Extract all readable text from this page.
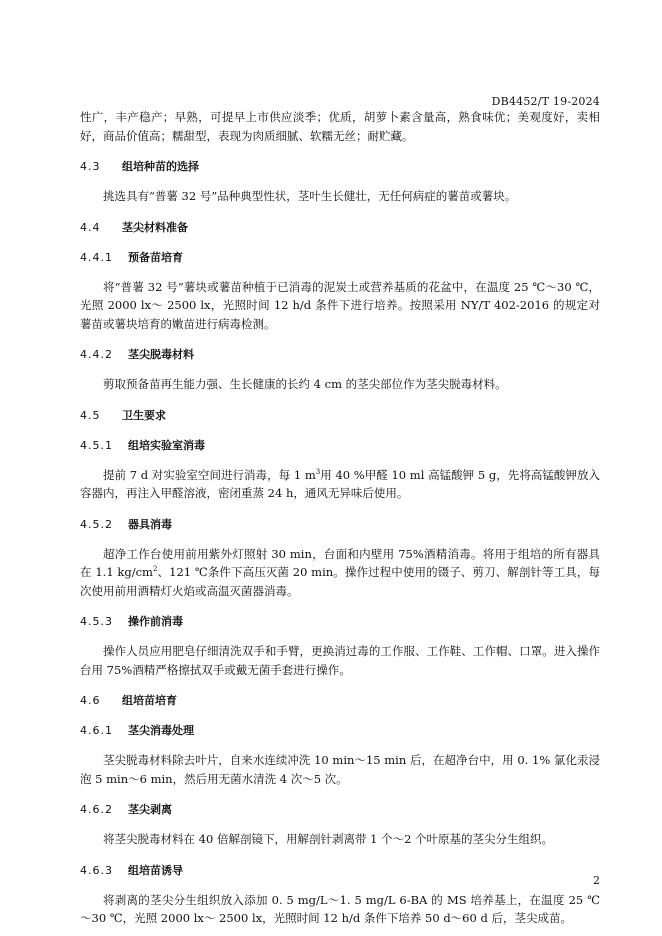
DB4452/T 19-2024

性广，丰产稳产；早熟，可提早上市供应淡季；优质，胡萝卜素含量高，熟食味优；美观度好，卖相好，商品价值高；糯甜型，表现为肉质细腻、软糯无丝；耐贮藏。

4.3 组培种苗的选择

挑选具有“普薯 32 号”品种典型性状，茎叶生长健壮，无任何病症的薯苗或薯块。

4.4 茎尖材料准备

4.4.1 预备苗培育

将“普薯 32 号”薯块或薯苗种植于已消毒的泥炭土或营养基质的花盆中，在温度 25 ℃～30 ℃，光照 2000 lx～ 2500 lx，光照时间 12 h/d 条件下进行培养。按照采用 NY/T 402-2016 的规定对薯苗或薯块培育的嫩苗进行病毒检测。

4.4.2 茎尖脱毒材料

剪取预备苗再生能力强、生长健康的长约 4 cm 的茎尖部位作为茎尖脱毒材料。

4.5 卫生要求

4.5.1 组培实验室消毒

提前 7 d 对实验室空间进行消毒，每 1 $m^3$用 40 %甲醛 10 ml 高锰酸钾 5 g，先将高锰酸钾放入容器内，再注入甲醛溶液，密闭重蒸 24 h，通风无异味后使用。

4.5.2 器具消毒

超净工作台使用前用紫外灯照射 30 min，台面和内壁用 75%酒精消毒。将用于组培的所有器具在 1.1 $kg/cm^2$、121 ℃条件下高压灭菌 20 min。操作过程中使用的镊子、剪刀、解剖针等工具，每次使用前用酒精灯火焰或高温灭菌器消毒。

4.5.3 操作前消毒

操作人员应用肥皂仔细清洗双手和手臂，更换消过毒的工作服、工作鞋、工作帽、口罩。进入操作台用 75%酒精严格擦拭双手或戴无菌手套进行操作。

4.6 组培苗培育

4.6.1 茎尖消毒处理

茎尖脱毒材料除去叶片，自来水连续冲洗 10 min～15 min 后，在超净台中，用 0. 1% 氯化汞浸泡 5 min～6 min，然后用无菌水清洗 4 次～5 次。

4.6.2 茎尖剥离

将茎尖脱毒材料在 40 倍解剖镜下，用解剖针剥离带 1 个～2 个叶原基的茎尖分生组织。

4.6.3 组培苗诱导

将剥离的茎尖分生组织放入添加 0. 5 mg/L～1. 5 mg/L 6-BA 的 MS 培养基上，在温度 25 ℃～30 ℃，光照 2000 lx～ 2500 lx，光照时间 12 h/d 条件下培养 50 d～60 d 后，茎尖成苗。

2
